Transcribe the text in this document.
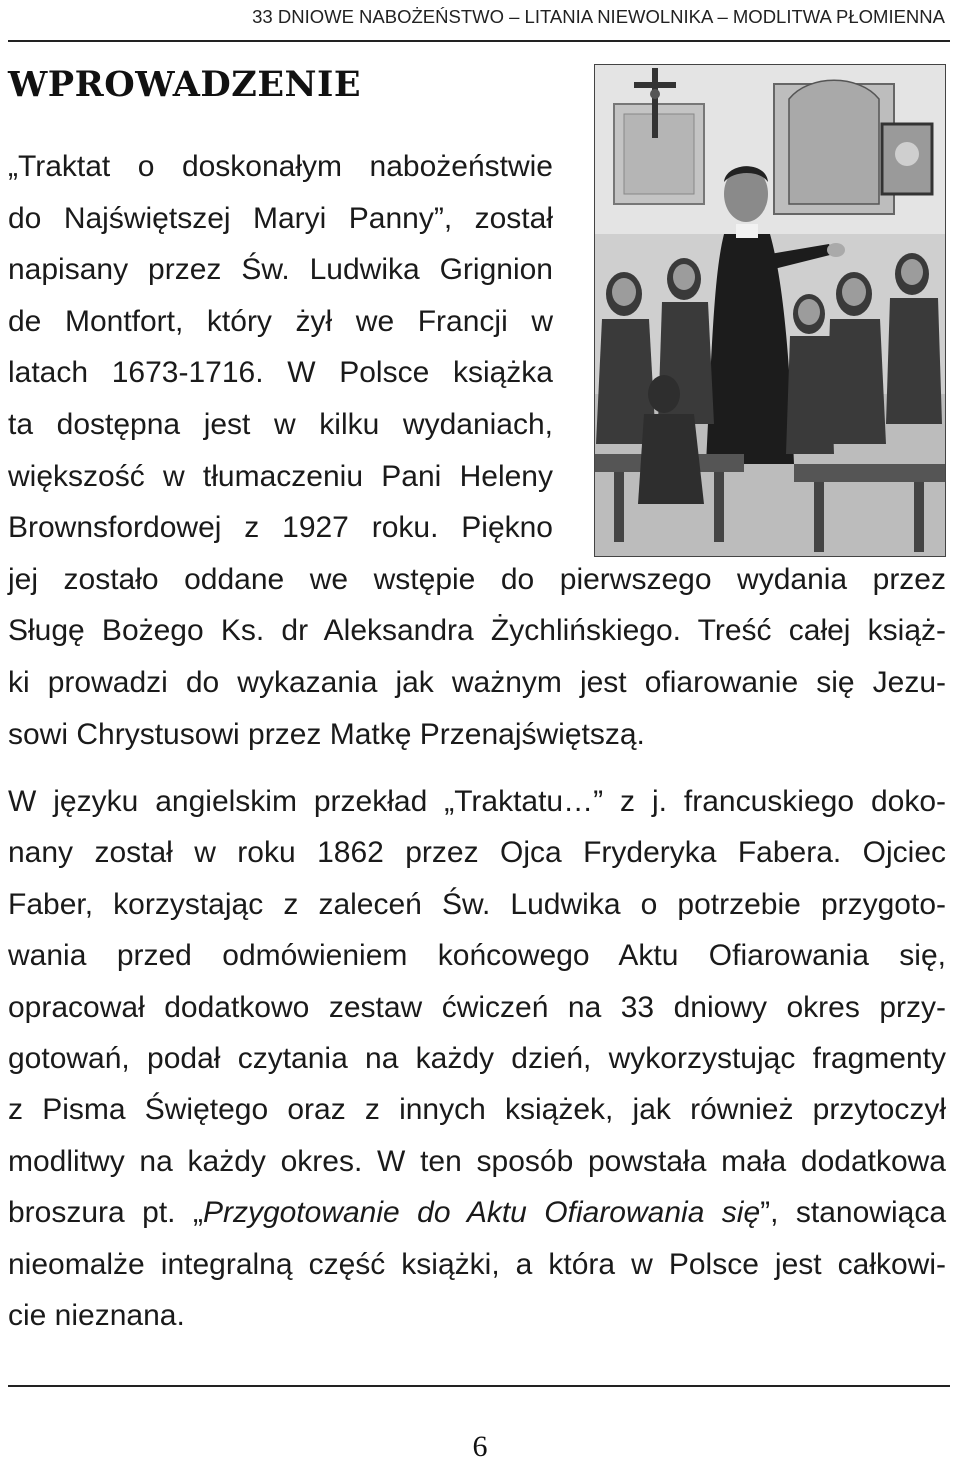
33 DNIOWE NABOŻEŃSTWO – LITANIA NIEWOLNIKA – MODLITWA PŁOMIENNA
WPROWADZENIE
„Traktat o doskonałym nabożeństwie
do Najświętszej Maryi Panny”, został
napisany przez Św. Ludwika Grignion
de Montfort, który żył we Francji w
latach 1673-1716. W Polsce książka
ta dostępna jest w kilku wydaniach,
większość w tłumaczeniu Pani Heleny
Brownsfordowej z 1927 roku. Piękno
jej zostało oddane we wstępie do pierwszego wydania przez
Sługę Bożego Ks. dr Aleksandra Żychlińskiego. Treść całej książ-
ki prowadzi do wykazania jak ważnym jest ofiarowanie się Jezu-
sowi Chrystusowi przez Matkę Przenajświętszą.
W języku angielskim przekład „Traktatu…” z j. francuskiego doko-
nany został w roku 1862 przez Ojca Fryderyka Fabera. Ojciec
Faber, korzystając z zaleceń Św. Ludwika o potrzebie przygoto-
wania przed odmówieniem końcowego Aktu Ofiarowania się,
opracował dodatkowo zestaw ćwiczeń na 33 dniowy okres przy-
gotowań, podał czytania na każdy dzień, wykorzystując fragmenty
z Pisma Świętego oraz z innych książek, jak również przytoczył
modlitwy na każdy okres. W ten sposób powstała mała dodatkowa
broszura pt. „Przygotowanie do Aktu Ofiarowania się”, stanowiąca
nieomalże integralną część książki, a która w Polsce jest całkowi-
cie nieznana.
6
